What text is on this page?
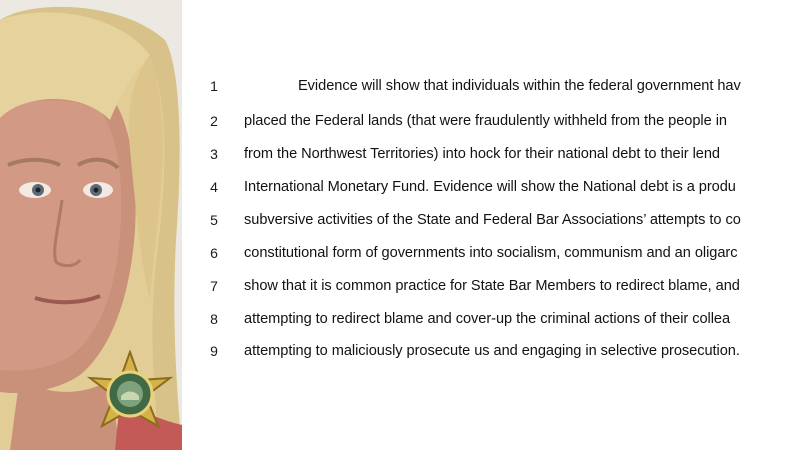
1	Evidence will show that individuals within the federal government hav
2 placed the Federal lands (that were fraudulently withheld from the people in
3 from the Northwest Territories) into hock for their national debt to their lend
4 International Monetary Fund. Evidence will show the National debt is a produ
5 subversive activities of the State and Federal Bar Associations’ attempts to co
6 constitutional form of governments into socialism, communism and an oligarc
7 show that it is common practice for State Bar Members to redirect blame, and
8 attempting to redirect blame and cover-up the criminal actions of their collea
9 attempting to maliciously prosecute us and engaging in selective prosecution.
